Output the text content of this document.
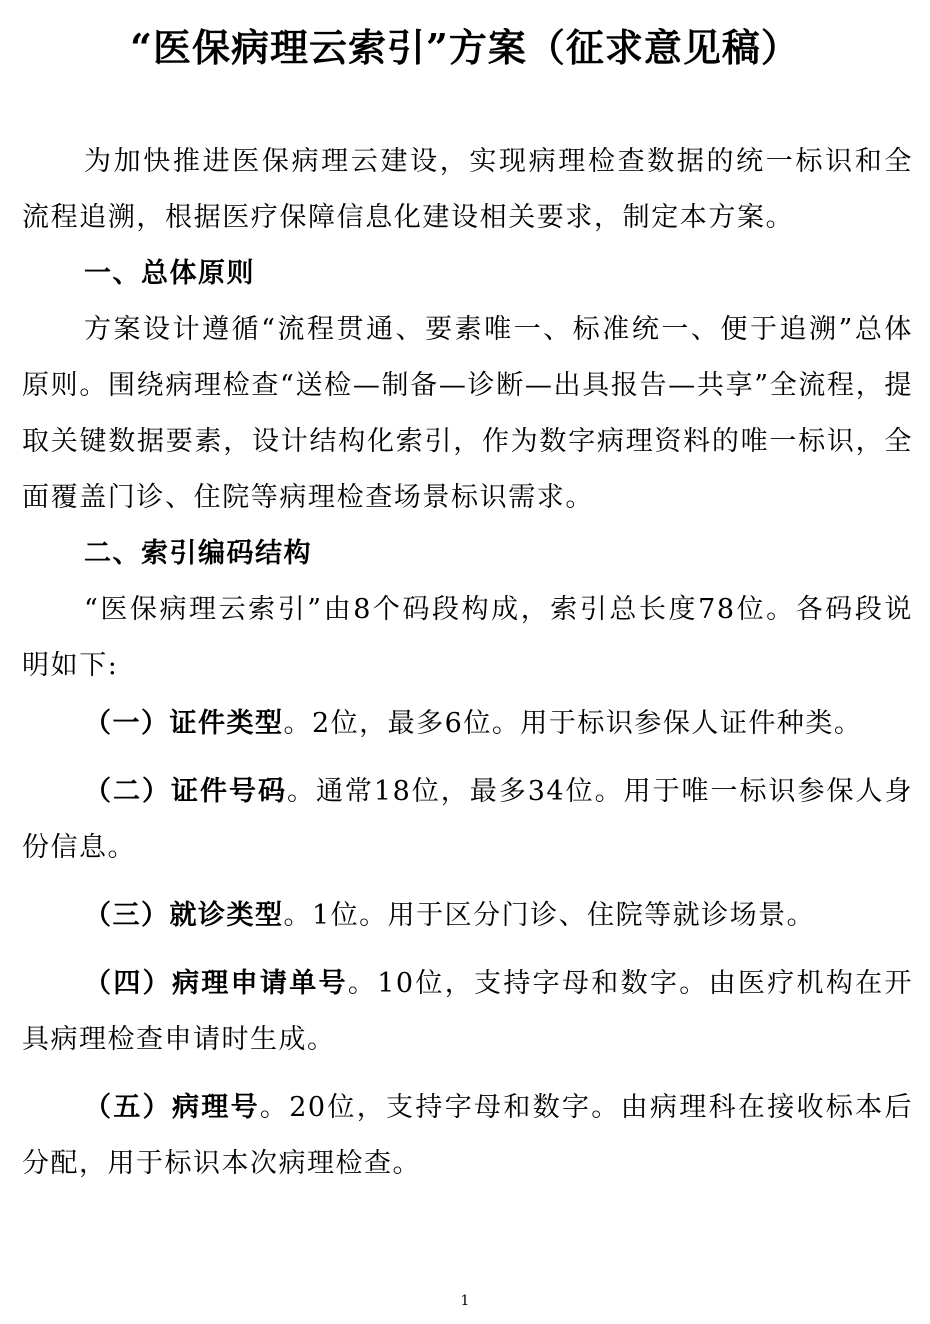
“医保病理云索引”方案（征求意见稿）

为加快推进医保病理云建设，实现病理检查数据的统一标识和全流程追溯，根据医疗保障信息化建设相关要求，制定本方案。

一、总体原则

方案设计遵循“流程贯通、要素唯一、标准统一、便于追溯”总体原则。围绕病理检查“送检—制备—诊断—出具报告—共享”全流程，提取关键数据要素，设计结构化索引，作为数字病理资料的唯一标识，全面覆盖门诊、住院等病理检查场景标识需求。

二、索引编码结构

“医保病理云索引”由8个码段构成，索引总长度78位。各码段说明如下:

（一）证件类型。2位，最多6位。用于标识参保人证件种类。

（二）证件号码。通常18位，最多34位。用于唯一标识参保人身份信息。

（三）就诊类型。1位。用于区分门诊、住院等就诊场景。

（四）病理申请单号。10位，支持字母和数字。由医疗机构在开具病理检查申请时生成。

（五）病理号。20位，支持字母和数字。由病理科在接收标本后分配，用于标识本次病理检查。

1
